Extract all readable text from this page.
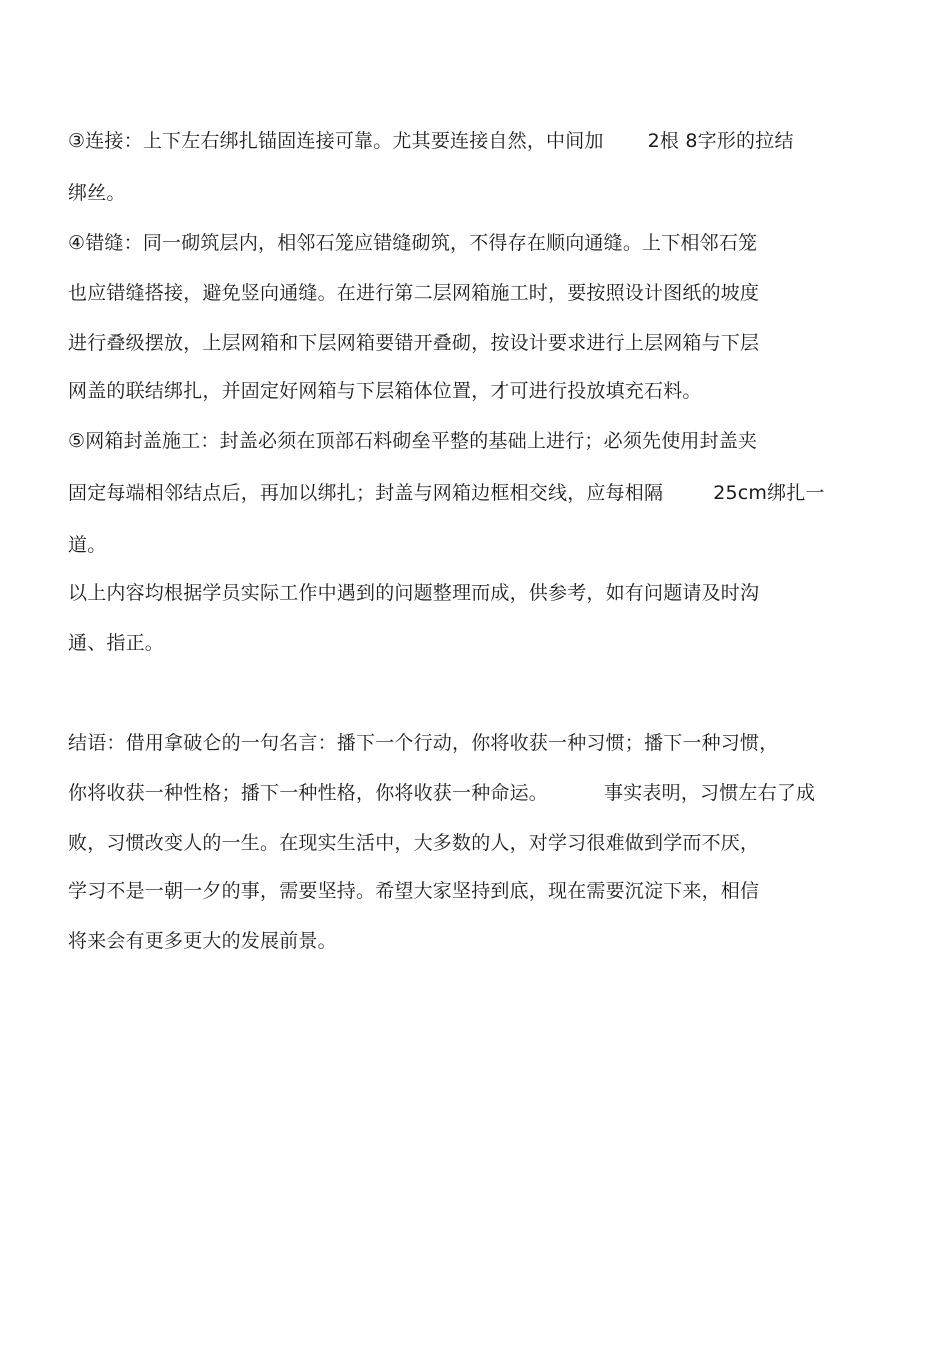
③连接：上下左右绑扎锚固连接可靠。尤其要连接自然，中间加 2根 8字形的拉结
绑丝。
④错缝：同一砌筑层内，相邻石笼应错缝砌筑，不得存在顺向通缝。上下相邻石笼
也应错缝搭接，避免竖向通缝。在进行第二层网箱施工时，要按照设计图纸的坡度
进行叠级摆放，上层网箱和下层网箱要错开叠砌，按设计要求进行上层网箱与下层
网盖的联结绑扎，并固定好网箱与下层箱体位置，才可进行投放填充石料。
⑤网箱封盖施工：封盖必须在顶部石料砌垒平整的基础上进行；必须先使用封盖夹
固定每端相邻结点后，再加以绑扎；封盖与网箱边框相交线，应每相隔	25cm绑扎一
道。
以上内容均根据学员实际工作中遇到的问题整理而成，供参考，如有问题请及时沟
通、指正。
结语：借用拿破仑的一句名言：播下一个行动，你将收获一种习惯；播下一种习惯，
你将收获一种性格；播下一种性格，你将收获一种命运。	事实表明，习惯左右了成
败，习惯改变人的一生。在现实生活中，大多数的人，对学习很难做到学而不厌，
学习不是一朝一夕的事，需要坚持。希望大家坚持到底，现在需要沉淀下来，相信
将来会有更多更大的发展前景。
